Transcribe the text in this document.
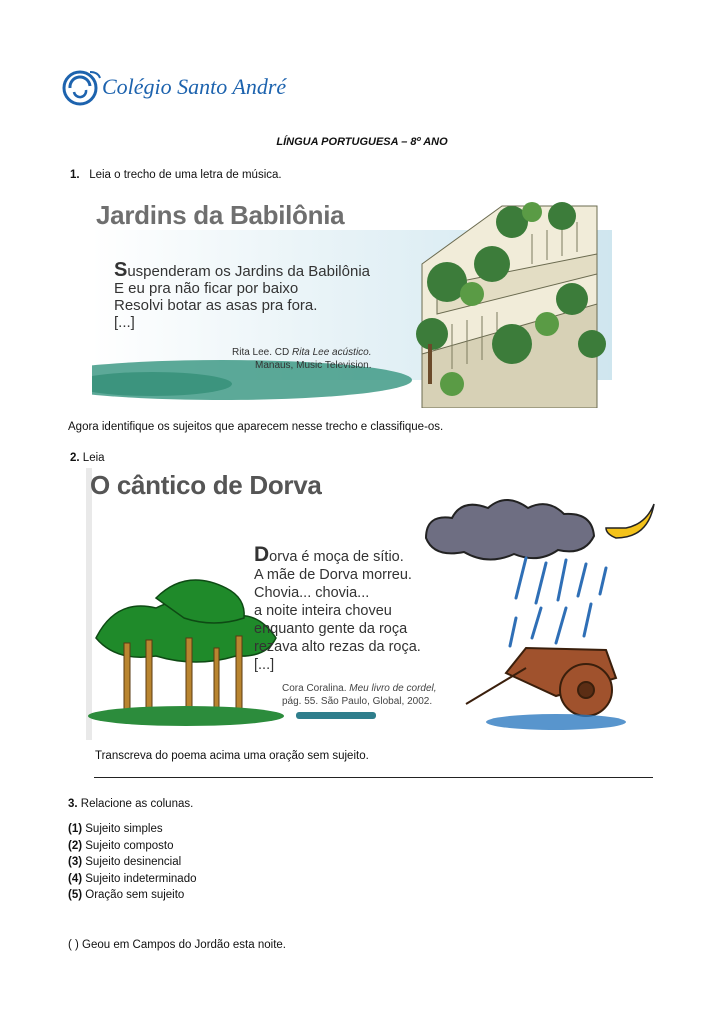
Colégio Santo André
LÍNGUA PORTUGUESA – 8º ANO
1. Leia o trecho de uma letra de música.
Jardins da Babilônia
Suspenderam os Jardins da Babilônia
E eu pra não ficar por baixo
Resolvi botar as asas pra fora.
[...]
Rita Lee. CD Rita Lee acústico.
Manaus, Music Television.
Agora identifique os sujeitos que aparecem nesse trecho e classifique-os.
2. Leia
O cântico de Dorva
Dorva é moça de sítio.
A mãe de Dorva morreu.
Chovia... chovia...
a noite inteira choveu
enquanto gente da roça
rezava alto rezas da roça.
[...]
Cora Coralina. Meu livro de cordel,
pág. 55. São Paulo, Global, 2002.
Transcreva do poema acima uma oração sem sujeito.
3. Relacione as colunas.
(1) Sujeito simples
(2) Sujeito composto
(3) Sujeito desinencial
(4) Sujeito indeterminado
(5) Oração sem sujeito
( ) Geou em Campos do Jordão esta noite.
